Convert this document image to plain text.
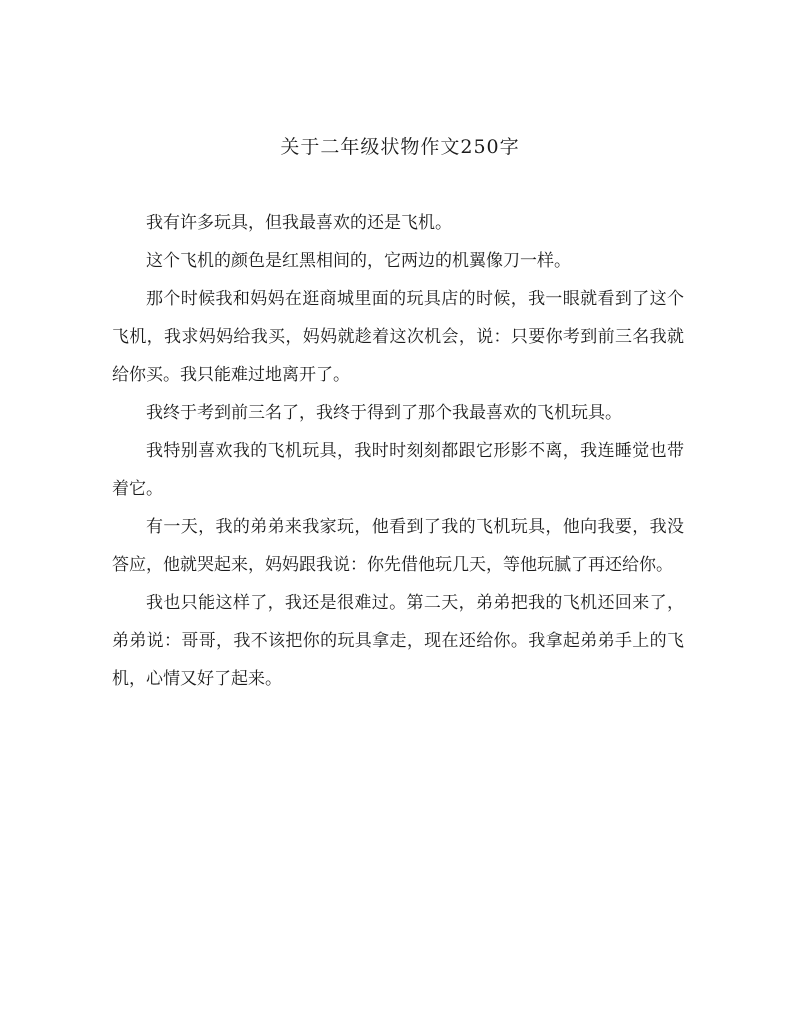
关于二年级状物作文250字

我有许多玩具，但我最喜欢的还是飞机。

这个飞机的颜色是红黑相间的，它两边的机翼像刀一样。

那个时候我和妈妈在逛商城里面的玩具店的时候，我一眼就看到了这个飞机，我求妈妈给我买，妈妈就趁着这次机会，说：只要你考到前三名我就给你买。我只能难过地离开了。

我终于考到前三名了，我终于得到了那个我最喜欢的飞机玩具。

我特别喜欢我的飞机玩具，我时时刻刻都跟它形影不离，我连睡觉也带着它。

有一天，我的弟弟来我家玩，他看到了我的飞机玩具，他向我要，我没答应，他就哭起来，妈妈跟我说：你先借他玩几天，等他玩腻了再还给你。

我也只能这样了，我还是很难过。第二天，弟弟把我的飞机还回来了，弟弟说：哥哥，我不该把你的玩具拿走，现在还给你。我拿起弟弟手上的飞机，心情又好了起来。
